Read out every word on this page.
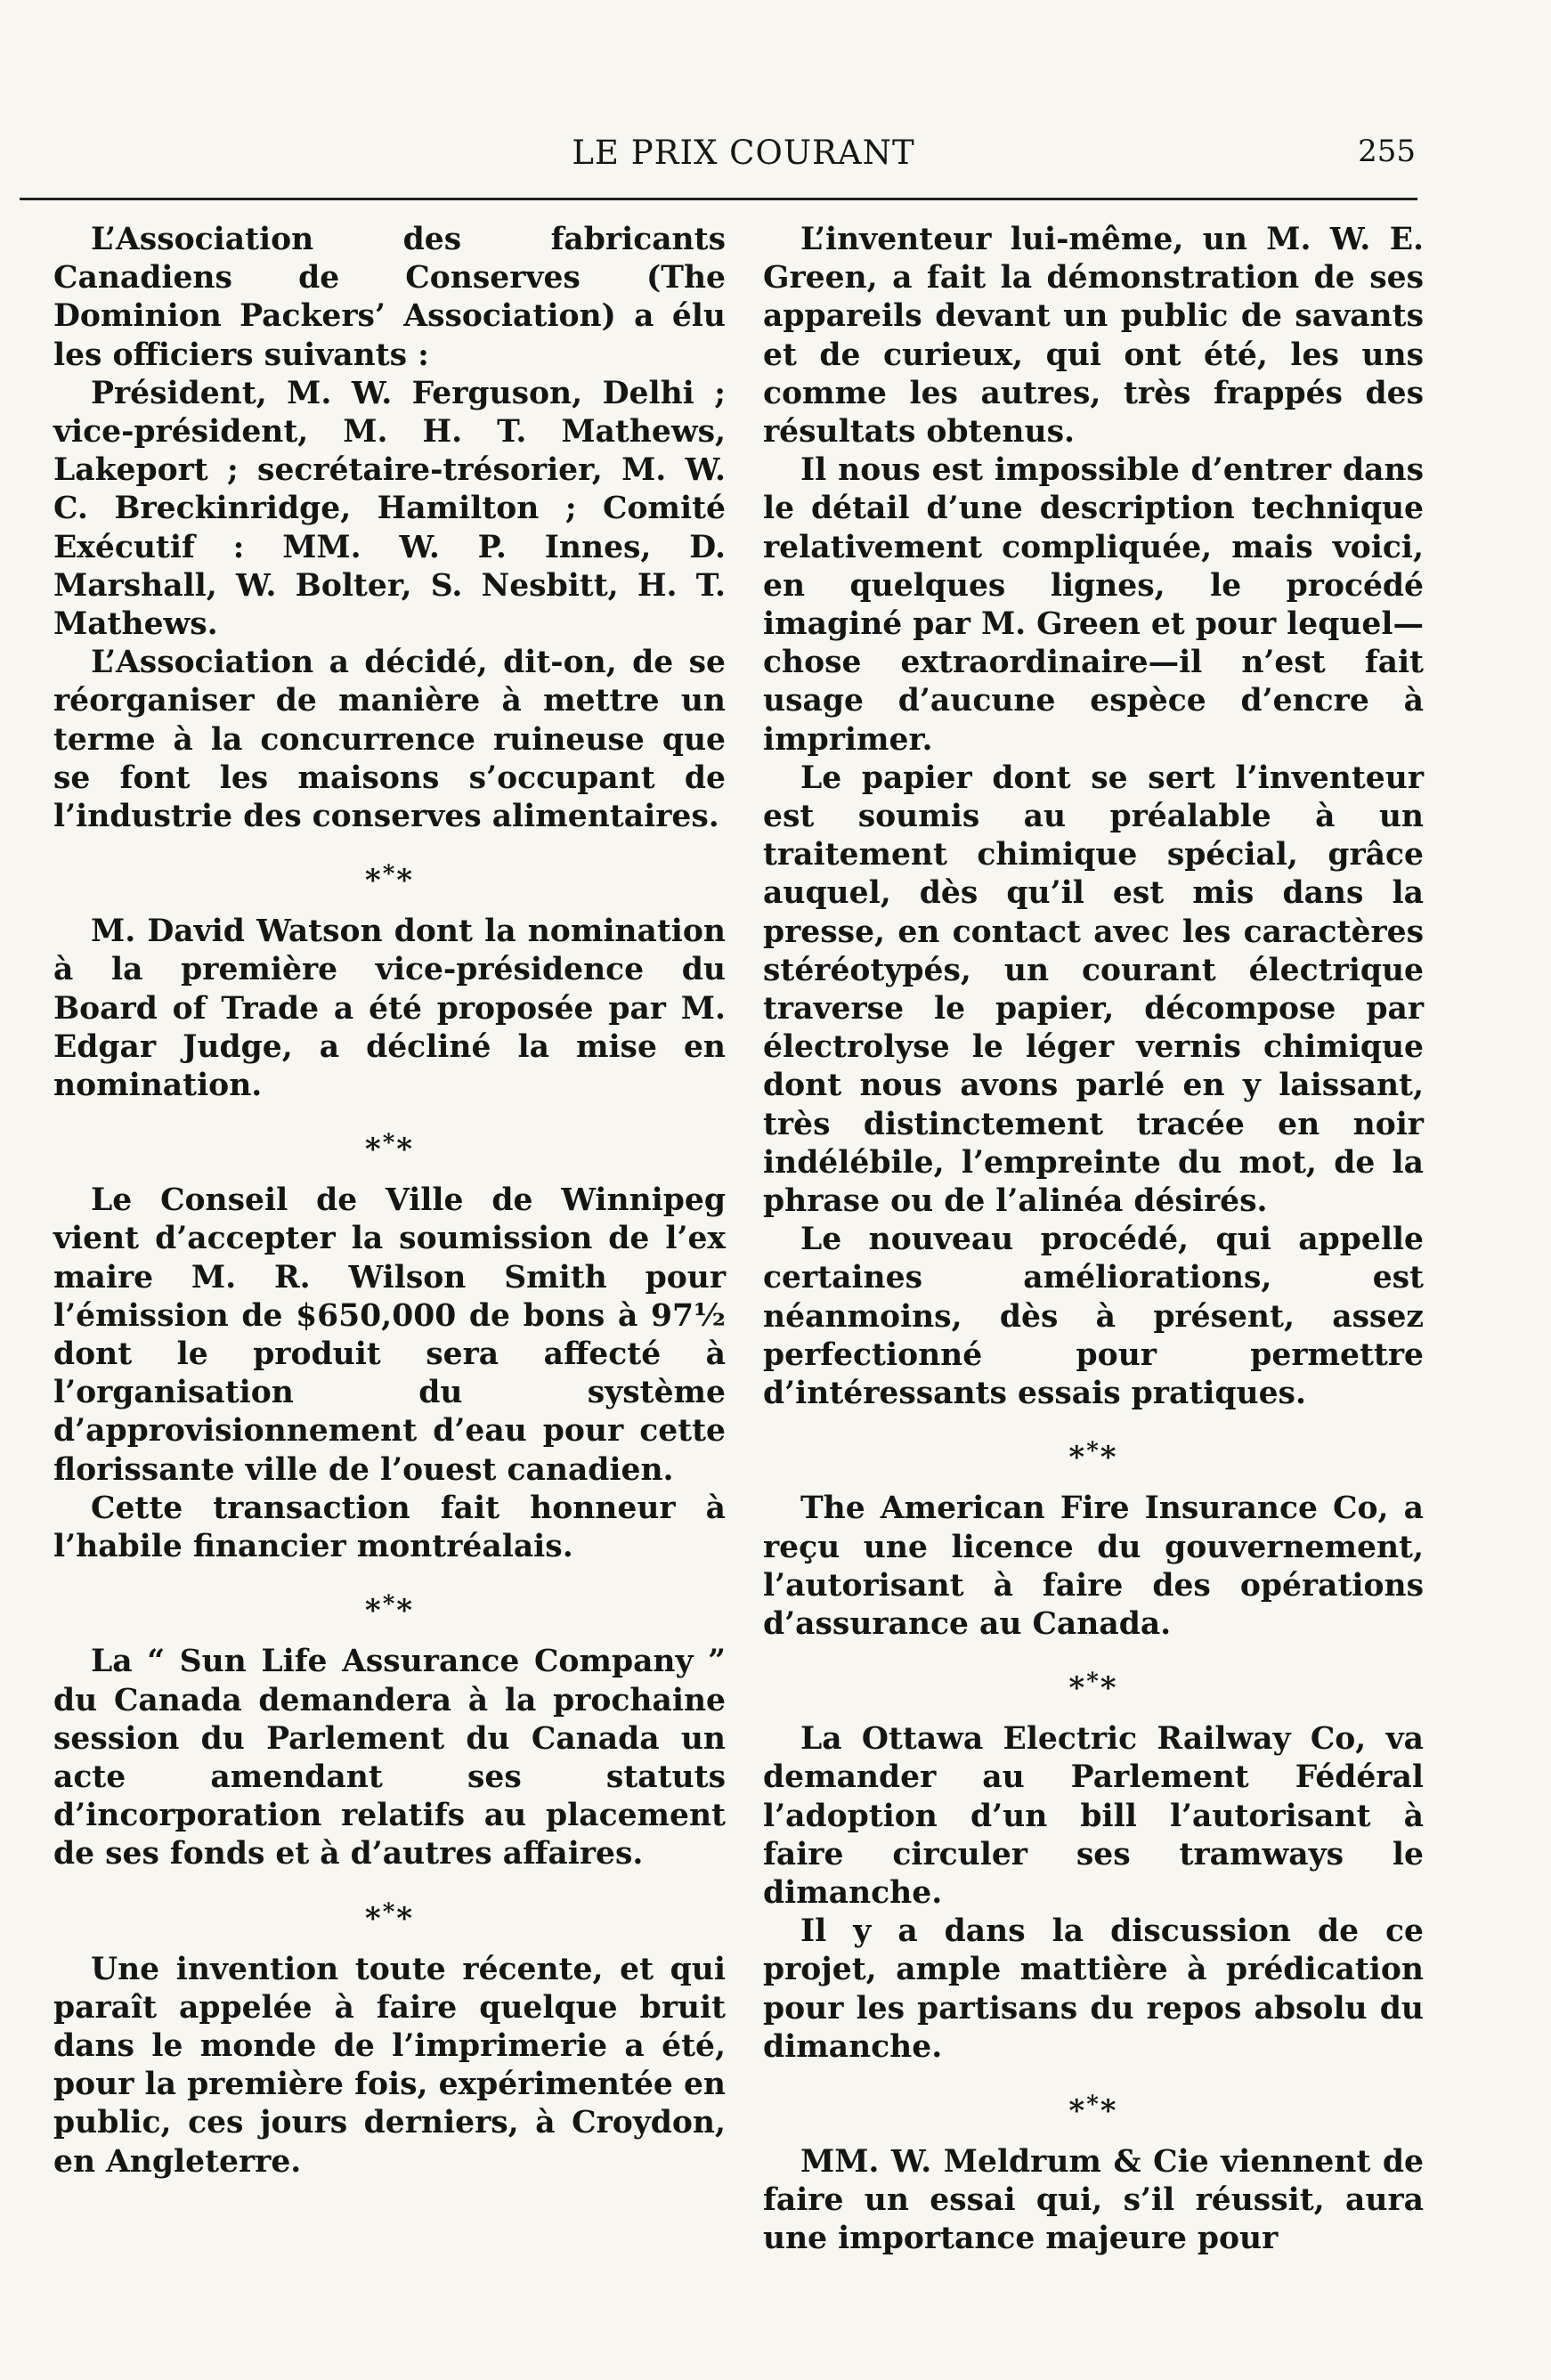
LE PRIX COURANT	255

L’Association des fabricants Canadiens de Conserves (The Dominion Packers’ Association) a élu les officiers suivants :

Président, M. W. Ferguson, Delhi ; vice-président, M. H. T. Mathews, Lakeport ; secrétaire-trésorier, M. W. C. Breckinridge, Hamilton ; Comité Exécutif : MM. W. P. Innes, D. Marshall, W. Bolter, S. Nesbitt, H. T. Mathews.

L’Association a décidé, dit-on, de se réorganiser de manière à mettre un terme à la concurrence ruineuse que se font les maisons s’occupant de l’industrie des conserves alimentaires.

***

M. David Watson dont la nomination à la première vice-présidence du Board of Trade a été proposée par M. Edgar Judge, a décliné la mise en nomination.

***

Le Conseil de Ville de Winnipeg vient d’accepter la soumission de l’ex maire M. R. Wilson Smith pour l’émission de $650,000 de bons à 97½ dont le produit sera affecté à l’organisation du système d’approvisionnement d’eau pour cette florissante ville de l’ouest canadien.

Cette transaction fait honneur à l’habile financier montréalais.

***

La “ Sun Life Assurance Company ” du Canada demandera à la prochaine session du Parlement du Canada un acte amendant ses statuts d’incorporation relatifs au placement de ses fonds et à d’autres affaires.

***

Une invention toute récente, et qui paraît appelée à faire quelque bruit dans le monde de l’imprimerie a été, pour la première fois, expérimentée en public, ces jours derniers, à Croydon, en Angleterre.

L’inventeur lui-même, un M. W. E. Green, a fait la démonstration de ses appareils devant un public de savants et de curieux, qui ont été, les uns comme les autres, très frappés des résultats obtenus.

Il nous est impossible d’entrer dans le détail d’une description technique relativement compliquée, mais voici, en quelques lignes, le procédé imaginé par M. Green et pour lequel—chose extraordinaire—il n’est fait usage d’aucune espèce d’encre à imprimer.

Le papier dont se sert l’inventeur est soumis au préalable à un traitement chimique spécial, grâce auquel, dès qu’il est mis dans la presse, en contact avec les caractères stéréotypés, un courant électrique traverse le papier, décompose par électrolyse le léger vernis chimique dont nous avons parlé en y laissant, très distinctement tracée en noir indélébile, l’empreinte du mot, de la phrase ou de l’alinéa désirés.

Le nouveau procédé, qui appelle certaines améliorations, est néanmoins, dès à présent, assez perfectionné pour permettre d’intéressants essais pratiques.

***

The American Fire Insurance Co, a reçu une licence du gouvernement, l’autorisant à faire des opérations d’assurance au Canada.

***

La Ottawa Electric Railway Co, va demander au Parlement Fédéral l’adoption d’un bill l’autorisant à faire circuler ses tramways le dimanche.

Il y a dans la discussion de ce projet, ample mattière à prédication pour les partisans du repos absolu du dimanche.

***

MM. W. Meldrum & Cie viennent de faire un essai qui, s’il réussit, aura une importance majeure pour
